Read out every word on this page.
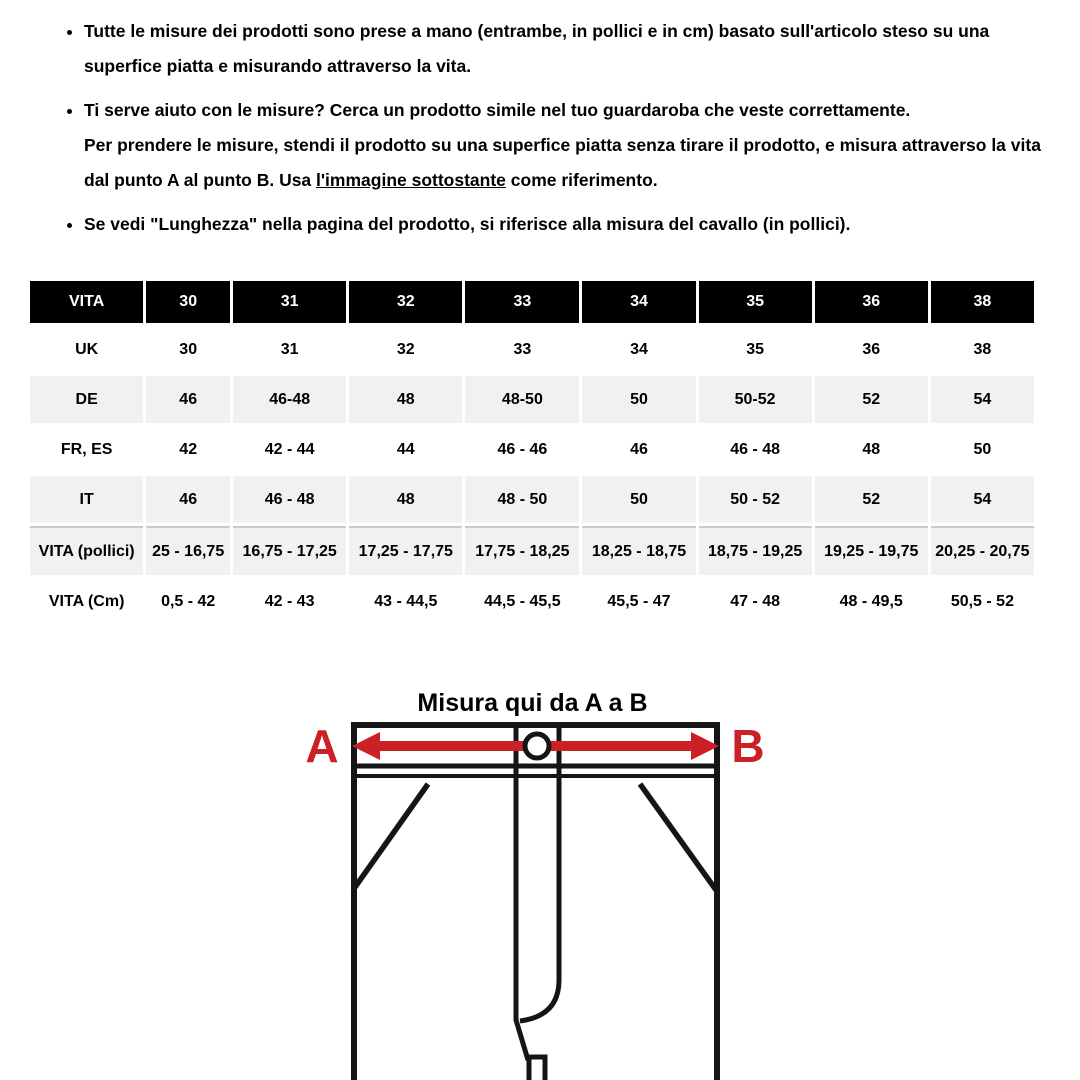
• Tutte le misure dei prodotti sono prese a mano (entrambe, in pollici e in cm) basato sull'articolo steso su una
superfice piatta e misurando attraverso la vita.
• Ti serve aiuto con le misure? Cerca un prodotto simile nel tuo guardaroba che veste correttamente.
Per prendere le misure, stendi il prodotto su una superfice piatta senza tirare il prodotto, e misura attraverso la vita
dal punto A al punto B. Usa l'immagine sottostante come riferimento.
• Se vedi "Lunghezza" nella pagina del prodotto, si riferisce alla misura del cavallo (in pollici).
VITA	30	31	32	33	34	35	36	38
UK	30	31	32	33	34	35	36	38
DE	46	46-48	48	48-50	50	50-52	52	54
FR, ES	42	42 - 44	44	46 - 46	46	46 - 48	48	50
IT	46	46 - 48	48	48 - 50	50	50 - 52	52	54
VITA (pollici)	25 - 16,75	16,75 - 17,25	17,25 - 17,75	17,75 - 18,25	18,25 - 18,75	18,75 - 19,25	19,25 - 19,75	20,25 - 20,75
VITA (Cm)	0,5 - 42	42 - 43	43 - 44,5	44,5 - 45,5	45,5 - 47	47 - 48	48 - 49,5	50,5 - 52
Misura qui da A a B
A	B
